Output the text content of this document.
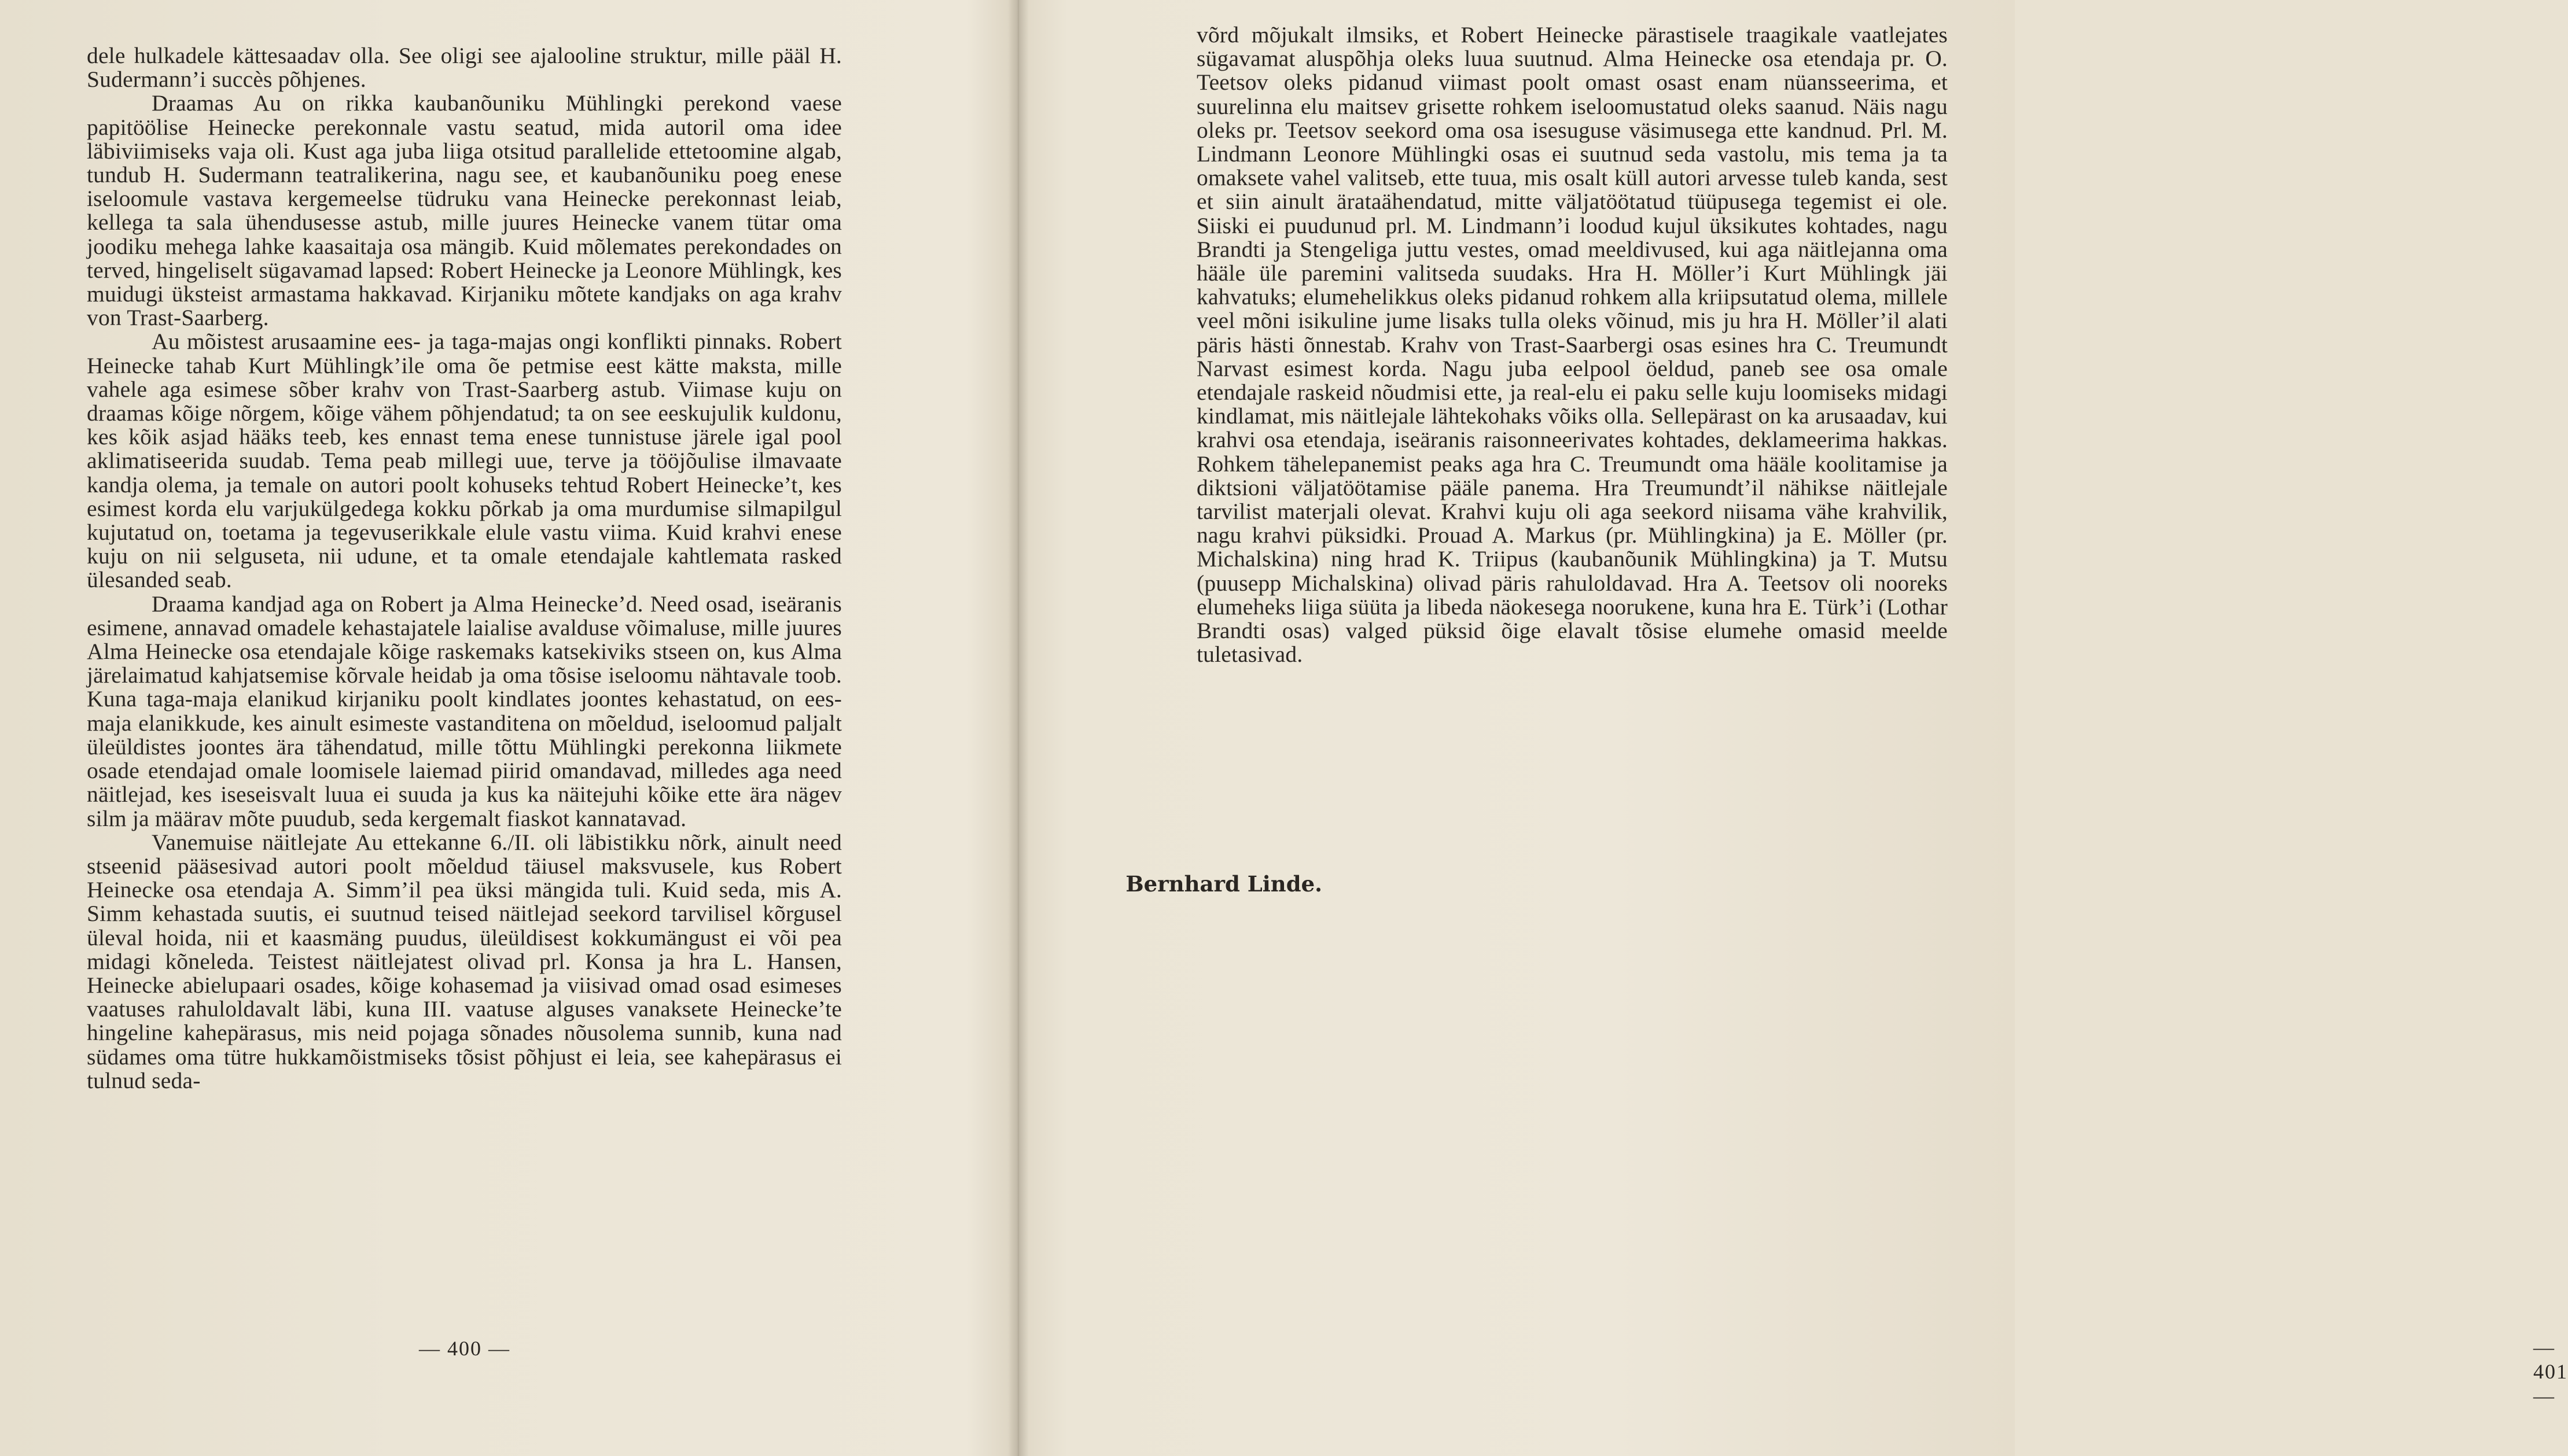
dele hulkadele kättesaadav olla. See oligi see ajalooline struktur, mille pääl H. Sudermann’i succès põhjenes.

Draamas Au on rikka kaubanõuniku Mühlingki perekond vaese papitöölise Heinecke perekonnale vastu seatud, mida autoril oma idee läbiviimiseks vaja oli. Kust aga juba liiga otsitud parallelide ettetoomine algab, tundub H. Sudermann teatralikerina, nagu see, et kaubanõuniku poeg enese iseloomule vastava kergemeelse tüdruku vana Heinecke perekonnast leiab, kellega ta sala ühendusesse astub, mille juures Heinecke vanem tütar oma joodiku mehega lahke kaasaitaja osa mängib. Kuid mõlemates perekondades on terved, hingeliselt sügavamad lapsed: Robert Heinecke ja Leonore Mühlingk, kes muidugi üksteist armastama hakkavad. Kirjaniku mõtete kandjaks on aga krahv von Trast-Saarberg.

Au mõistest arusaamine ees- ja taga-majas ongi konflikti pinnaks. Robert Heinecke tahab Kurt Mühlingk’ile oma õe petmise eest kätte maksta, mille vahele aga esimese sõber krahv von Trast-Saarberg astub. Viimase kuju on draamas kõige nõrgem, kõige vähem põhjendatud; ta on see eeskujulik kuldonu, kes kõik asjad hääks teeb, kes ennast tema enese tunnistuse järele igal pool aklimatiseerida suudab. Tema peab millegi uue, terve ja tööjõulise ilmavaate kandja olema, ja temale on autori poolt kohuseks tehtud Robert Heinecke’t, kes esimest korda elu varjukülgedega kokku põrkab ja oma murdumise silmapilgul kujutatud on, toetama ja tegevuserikkale elule vastu viima. Kuid krahvi enese kuju on nii selguseta, nii udune, et ta omale etendajale kahtlemata rasked ülesanded seab.

Draama kandjad aga on Robert ja Alma Heinecke’d. Need osad, iseäranis esimene, annavad omadele kehastajatele laialise avalduse võimaluse, mille juures Alma Heinecke osa etendajale kõige raskemaks katsekiviks stseen on, kus Alma järelaimatud kahjatsemise kõrvale heidab ja oma tõsise iseloomu nähtavale toob. Kuna taga-maja elanikud kirjaniku poolt kindlates joontes kehastatud, on ees-maja elanikkude, kes ainult esimeste vastanditena on mõeldud, iseloomud paljalt üleüldistes joontes ära tähendatud, mille tõttu Mühlingki perekonna liikmete osade etendajad omale loomisele laiemad piirid omandavad, milledes aga need näitlejad, kes iseseisvalt luua ei suuda ja kus ka näitejuhi kõike ette ära nägev silm ja määrav mõte puudub, seda kergemalt fiaskot kannatavad.

Vanemuise näitlejate Au ettekanne 6./II. oli läbistikku nõrk, ainult need stseenid pääsesivad autori poolt mõeldud täiusel maksvusele, kus Robert Heinecke osa etendaja A. Simm’il pea üksi mängida tuli. Kuid seda, mis A. Simm kehastada suutis, ei suutnud teised näitlejad seekord tarvilisel kõrgusel üleval hoida, nii et kaasmäng puudus, üleüldisest kokkumängust ei või pea midagi kõneleda. Teistest näitlejatest olivad prl. Konsa ja hra L. Hansen, Heinecke abielupaari osades, kõige kohasemad ja viisivad omad osad esimeses vaatuses rahuloldavalt läbi, kuna III. vaatuse alguses vanaksete Heinecke’te hingeline kahepärasus, mis neid pojaga sõnades nõusolema sunnib, kuna nad südames oma tütre hukkamõistmiseks tõsist põhjust ei leia, see kahepärasus ei tulnud seda-

— 400 —

võrd mõjukalt ilmsiks, et Robert Heinecke pärastisele traagikale vaatlejates sügavamat aluspõhja oleks luua suutnud. Alma Heinecke osa etendaja pr. O. Teetsov oleks pidanud viimast poolt omast osast enam nüansseerima, et suurelinna elu maitsev grisette rohkem iseloomustatud oleks saanud. Näis nagu oleks pr. Teetsov seekord oma osa isesuguse väsimusega ette kandnud. Prl. M. Lindmann Leonore Mühlingki osas ei suutnud seda vastolu, mis tema ja ta omaksete vahel valitseb, ette tuua, mis osalt küll autori arvesse tuleb kanda, sest et siin ainult ärataähendatud, mitte väljatöötatud tüüpusega tegemist ei ole. Siiski ei puudunud prl. M. Lindmann’i loodud kujul üksikutes kohtades, nagu Brandti ja Stengeliga juttu vestes, omad meeldivused, kui aga näitlejanna oma hääle üle paremini valitseda suudaks. Hra H. Möller’i Kurt Mühlingk jäi kahvatuks; elumehelikkus oleks pidanud rohkem alla kriipsutatud olema, millele veel mõni isikuline jume lisaks tulla oleks võinud, mis ju hra H. Möller’il alati päris hästi õnnestab. Krahv von Trast-Saarbergi osas esines hra C. Treumundt Narvast esimest korda. Nagu juba eelpool öeldud, paneb see osa omale etendajale raskeid nõudmisi ette, ja real-elu ei paku selle kuju loomiseks midagi kindlamat, mis näitlejale lähtekohaks võiks olla. Sellepärast on ka arusaadav, kui krahvi osa etendaja, iseäranis raisonneerivates kohtades, deklameerima hakkas. Rohkem tähelepanemist peaks aga hra C. Treumundt oma hääle koolitamise ja diktsioni väljatöötamise pääle panema. Hra Treumundt’il nähikse näitlejale tarvilist materjali olevat. Krahvi kuju oli aga seekord niisama vähe krahvilik, nagu krahvi püksidki. Prouad A. Markus (pr. Mühlingkina) ja E. Möller (pr. Michalskina) ning hrad K. Triipus (kaubanõunik Mühlingkina) ja T. Mutsu (puusepp Michalskina) olivad päris rahuloldavad. Hra A. Teetsov oli nooreks elumeheks liiga süüta ja libeda näokesega noorukene, kuna hra E. Türk’i (Lothar Brandti osas) valged püksid õige elavalt tõsise elumehe omasid meelde tuletasivad.

— 401 —
Bernhard Linde.
